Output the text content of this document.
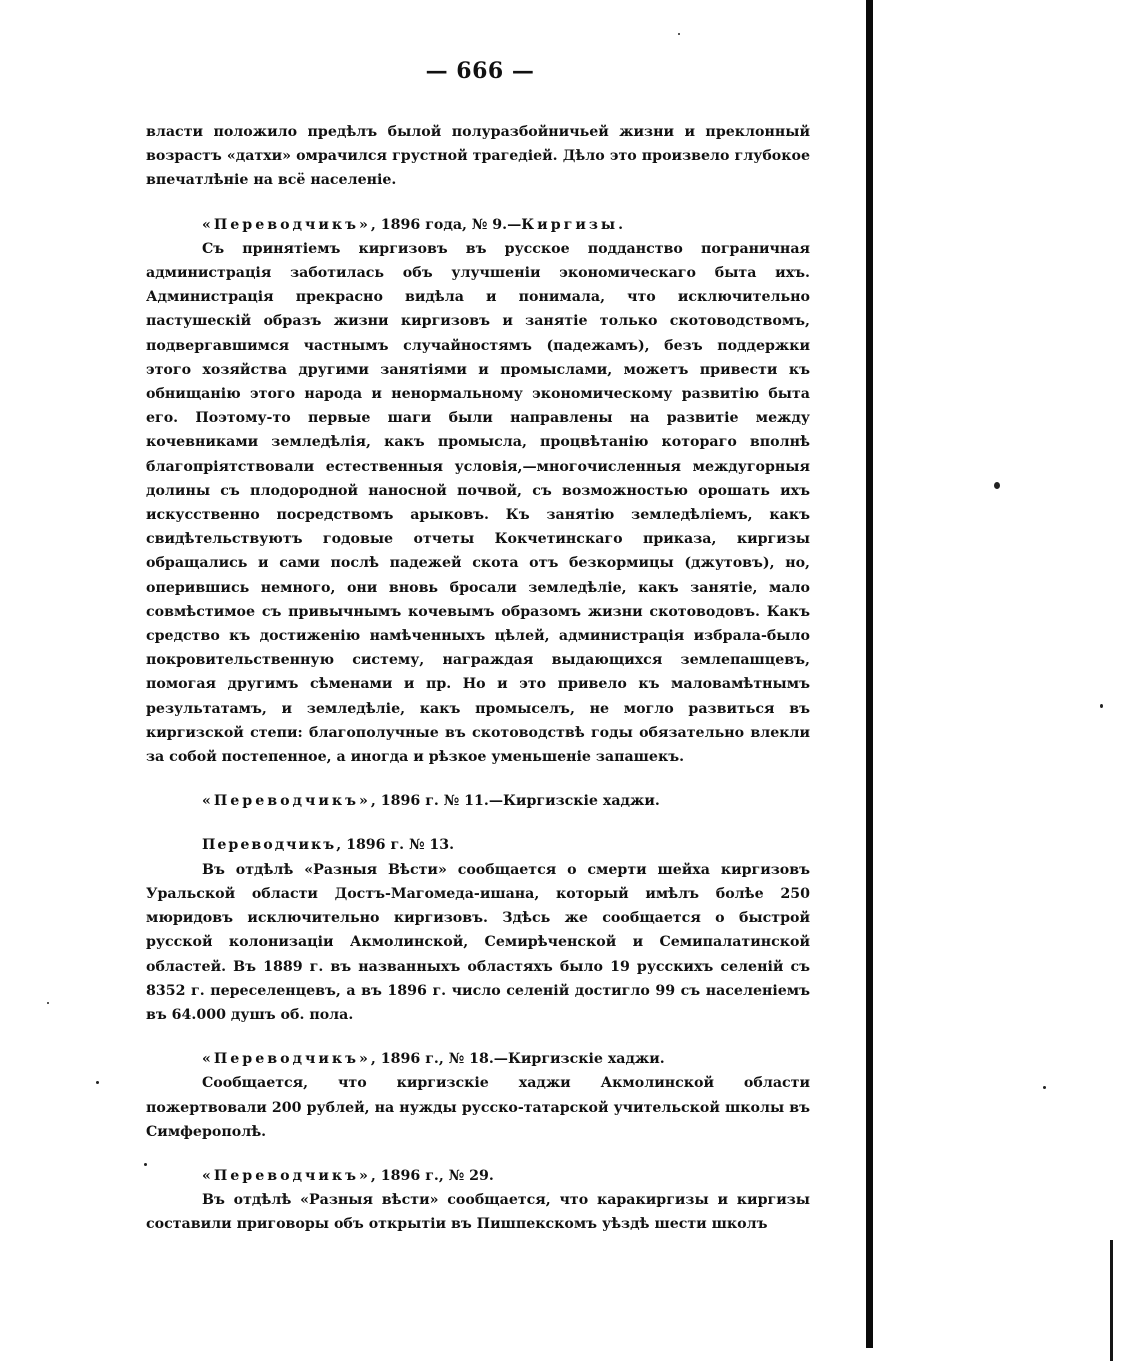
— 666 —

власти положило предѣлъ былой полуразбойничьей жизни и преклонный возрастъ «датхи» омрачился грустной трагедіей. Дѣло это произвело глубокое впечатлѣніе на всё населеніе.

«Переводчикъ», 1896 года, № 9.—Киргизы.

Съ принятіемъ киргизовъ въ русское подданство пограничная администрація заботилась объ улучшеніи экономическаго быта ихъ. Администрація прекрасно видѣла и понимала, что исключительно пастушескій образъ жизни киргизовъ и занятіе только скотоводствомъ, подвергавшимся частнымъ случайностямъ (падежамъ), безъ поддержки этого хозяйства другими занятіями и промыслами, можетъ привести къ обнищанію этого народа и ненормальному экономическому развитію быта его. Поэтому-то первые шаги были направлены на развитіе между кочевниками земледѣлія, какъ промысла, процвѣтанію котораго вполнѣ благопріятствовали естественныя условія,—многочисленныя междугорныя долины съ плодородной наносной почвой, съ возможностью орошать ихъ искусственно посредствомъ арыковъ. Къ занятію земледѣліемъ, какъ свидѣтельствуютъ годовые отчеты Кокчетинскаго приказа, киргизы обращались и сами послѣ падежей скота отъ безкормицы (джутовъ), но, оперившись немного, они вновь бросали земледѣліе, какъ занятіе, мало совмѣстимое съ привычнымъ кочевымъ образомъ жизни скотоводовъ. Какъ средство къ достиженію намѣченныхъ цѣлей, администрація избрала-было покровительственную систему, награждая выдающихся землепашцевъ, помогая другимъ сѣменами и пр. Но и это привело къ маловамѣтнымъ результатамъ, и земледѣліе, какъ промыселъ, не могло развиться въ киргизской степи: благополучные въ скотоводствѣ годы обязательно влекли за собой постепенное, а иногда и рѣзкое уменьшеніе запашекъ.

«Переводчикъ», 1896 г. № 11.—Киргизскіе хаджи.

Переводчикъ, 1896 г. № 13.

Въ отдѣлѣ «Разныя Вѣсти» сообщается о смерти шейха киргизовъ Уральской области Достъ-Магомеда-ишана, который имѣлъ болѣе 250 мюридовъ исключительно киргизовъ. Здѣсь же сообщается о быстрой русской колонизаціи Акмолинской, Семирѣченской и Семипалатинской областей. Въ 1889 г. въ названныхъ областяхъ было 19 русскихъ селеній съ 8352 г. переселенцевъ, а въ 1896 г. число селеній достигло 99 съ населеніемъ въ 64.000 душъ об. пола.

«Переводчикъ», 1896 г., № 18.—Киргизскіе хаджи.

Сообщается, что киргизскіе хаджи Акмолинской области пожертвовали 200 рублей, на нужды русско-татарской учительской школы въ Симферополѣ.

«Переводчикъ», 1896 г., № 29.

Въ отдѣлѣ «Разныя вѣсти» сообщается, что каракиргизы и киргизы составили приговоры объ открытіи въ Пишпекскомъ уѣздѣ шести школъ
